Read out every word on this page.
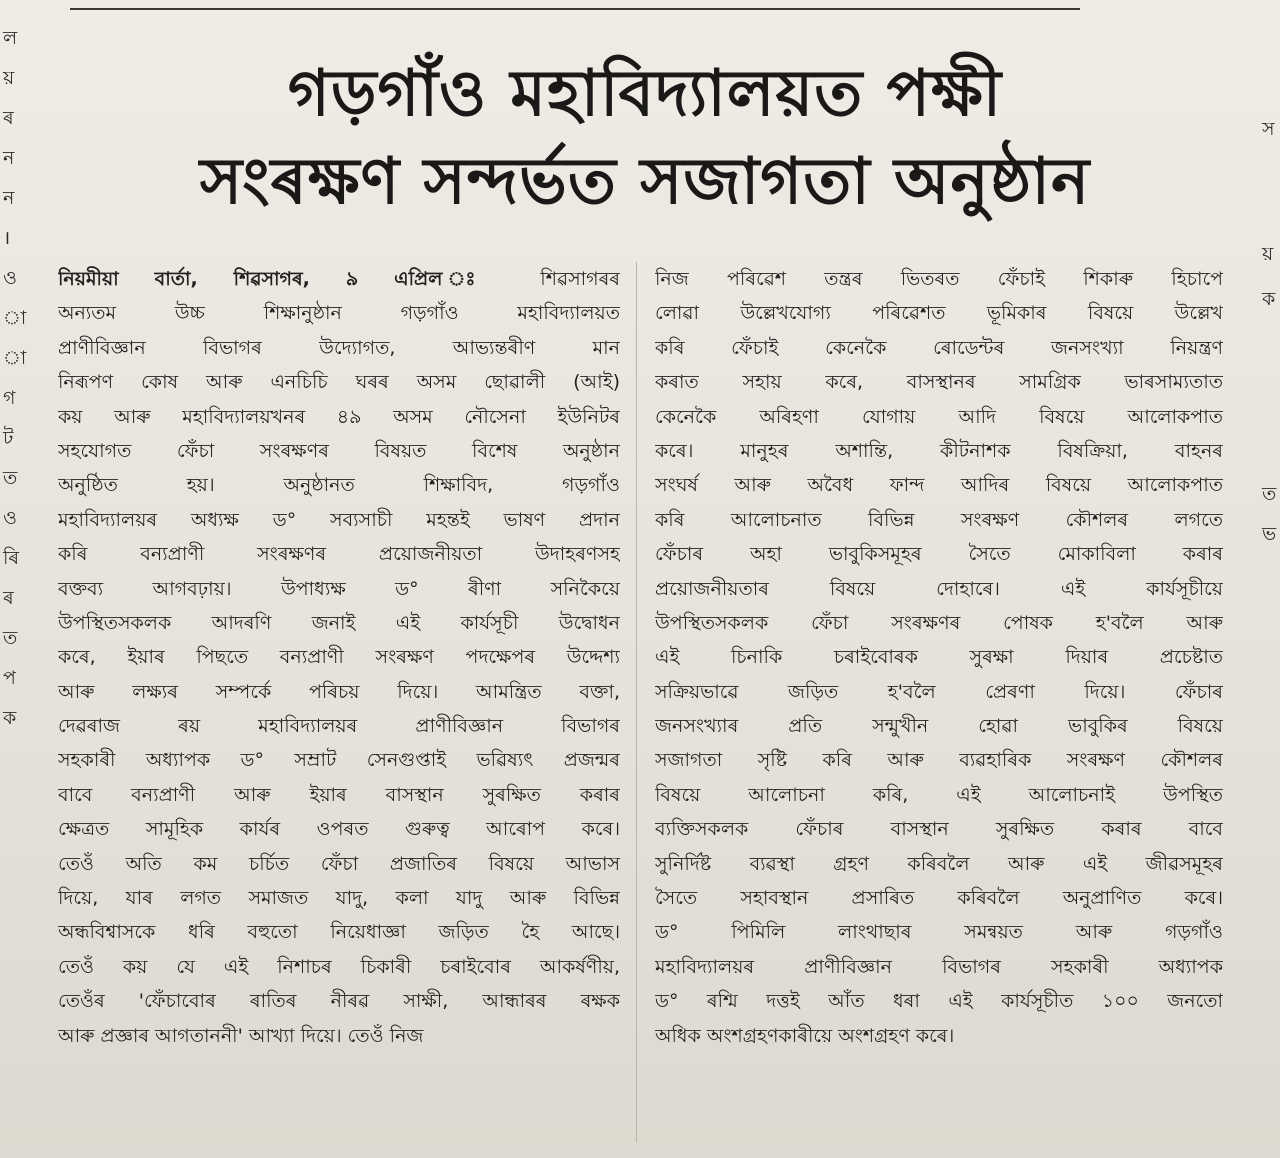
ল
য়
ৰ
ন
ন
।
ও
া
া
গ
ট
ত
ও
ৰি
ৰ
ত
প
ক
স
য়
ক
ত
ভ
গড়গাঁও মহাবিদ্যালয়ত পক্ষী
সংৰক্ষণ সন্দৰ্ভত সজাগতা অনুষ্ঠান
নিয়মীয়া বাৰ্তা, শিৱসাগৰ, ৯ এপ্ৰিল ঃ শিৱসাগৰৰ
অন্যতম উচ্চ শিক্ষানুষ্ঠান গড়গাঁও মহাবিদ্যালয়ত
প্ৰাণীবিজ্ঞান বিভাগৰ উদ্যোগত, আভ্যন্তৰীণ মান
নিৰূপণ কোষ আৰু এনচিচি ঘৰৰ অসম ছোৱালী (আই)
কয় আৰু মহাবিদ্যালয়খনৰ ৪৯ অসম নৌসেনা ইউনিটৰ
সহযোগত ফেঁচা সংৰক্ষণৰ বিষয়ত বিশেষ অনুষ্ঠান
অনুষ্ঠিত হয়। অনুষ্ঠানত শিক্ষাবিদ, গড়গাঁও
মহাবিদ্যালয়ৰ অধ্যক্ষ ড° সব্যসাচী মহন্তই ভাষণ প্ৰদান
কৰি বন্যপ্ৰাণী সংৰক্ষণৰ প্ৰয়োজনীয়তা উদাহৰণসহ
বক্তব্য আগবঢ়ায়। উপাধ্যক্ষ ড° ৰীণা সনিকৈয়ে
উপস্থিতসকলক আদৰণি জনাই এই কাৰ্যসূচী উদ্বোধন
কৰে, ইয়াৰ পিছতে বন্যপ্ৰাণী সংৰক্ষণ পদক্ষেপৰ উদ্দেশ্য
আৰু লক্ষ্যৰ সম্পৰ্কে পৰিচয় দিয়ে। আমন্ত্ৰিত বক্তা,
দেৱৰাজ ৰয় মহাবিদ্যালয়ৰ প্ৰাণীবিজ্ঞান বিভাগৰ
সহকাৰী অধ্যাপক ড° সম্ৰাট সেনগুপ্তাই ভৱিষ্যৎ প্ৰজন্মৰ
বাবে বন্যপ্ৰাণী আৰু ইয়াৰ বাসস্থান সুৰক্ষিত কৰাৰ
ক্ষেত্ৰত সামূহিক কাৰ্যৰ ওপৰত গুৰুত্ব আৰোপ কৰে।
তেওঁ অতি কম চৰ্চিত ফেঁচা প্ৰজাতিৰ বিষয়ে আভাস
দিয়ে, যাৰ লগত সমাজত যাদু, কলা যাদু আৰু বিভিন্ন
অন্ধবিশ্বাসকে ধৰি বহুতো নিয়েধাজ্ঞা জড়িত হৈ আছে।
তেওঁ কয় যে এই নিশাচৰ চিকাৰী চৰাইবোৰ আকৰ্ষণীয়,
তেওঁৰ 'ফেঁচাবোৰ ৰাতিৰ নীৰৱ সাক্ষী, আন্ধাৰৰ ৰক্ষক
আৰু প্ৰজ্ঞাৰ আগতাননী' আখ্যা দিয়ে। তেওঁ নিজ
নিজ পৰিৱেশ তন্ত্ৰৰ ভিতৰত ফেঁচাই শিকাৰু হিচাপে
লোৱা উল্লেখযোগ্য পৰিৱেশত ভূমিকাৰ বিষয়ে উল্লেখ
কৰি ফেঁচাই কেনেকৈ ৰোডেন্টৰ জনসংখ্যা নিয়ন্ত্ৰণ
কৰাত সহায় কৰে, বাসস্থানৰ সামগ্ৰিক ভাৰসাম্যতাত
কেনেকৈ অৰিহণা যোগায় আদি বিষয়ে আলোকপাত
কৰে। মানুহৰ অশান্তি, কীটনাশক বিষক্ৰিয়া, বাহনৰ
সংঘৰ্ষ আৰু অবৈধ ফান্দ আদিৰ বিষয়ে আলোকপাত
কৰি আলোচনাত বিভিন্ন সংৰক্ষণ কৌশলৰ লগতে
ফেঁচাৰ অহা ভাবুকিসমূহৰ সৈতে মোকাবিলা কৰাৰ
প্ৰয়োজনীয়তাৰ বিষয়ে দোহাৰে। এই কাৰ্যসূচীয়ে
উপস্থিতসকলক ফেঁচা সংৰক্ষণৰ পোষক হ'বলৈ আৰু
এই চিনাকি চৰাইবোৰক সুৰক্ষা দিয়াৰ প্ৰচেষ্টাত
সক্ৰিয়ভাৱে জড়িত হ'বলৈ প্ৰেৰণা দিয়ে। ফেঁচাৰ
জনসংখ্যাৰ প্ৰতি সন্মুখীন হোৱা ভাবুকিৰ বিষয়ে
সজাগতা সৃষ্টি কৰি আৰু ব্যৱহাৰিক সংৰক্ষণ কৌশলৰ
বিষয়ে আলোচনা কৰি, এই আলোচনাই উপস্থিত
ব্যক্তিসকলক ফেঁচাৰ বাসস্থান সুৰক্ষিত কৰাৰ বাবে
সুনিৰ্দিষ্ট ব্যৱস্থা গ্ৰহণ কৰিবলৈ আৰু এই জীৱসমূহৰ
সৈতে সহাবস্থান প্ৰসাৰিত কৰিবলৈ অনুপ্ৰাণিত কৰে।
ড° পিমিলি লাংথাছাৰ সমন্বয়ত আৰু গড়গাঁও
মহাবিদ্যালয়ৰ প্ৰাণীবিজ্ঞান বিভাগৰ সহকাৰী অধ্যাপক
ড° ৰশ্মি দত্তই আঁত ধৰা এই কাৰ্যসূচীত ১০০ জনতো
অধিক অংশগ্ৰহণকাৰীয়ে অংশগ্ৰহণ কৰে।
